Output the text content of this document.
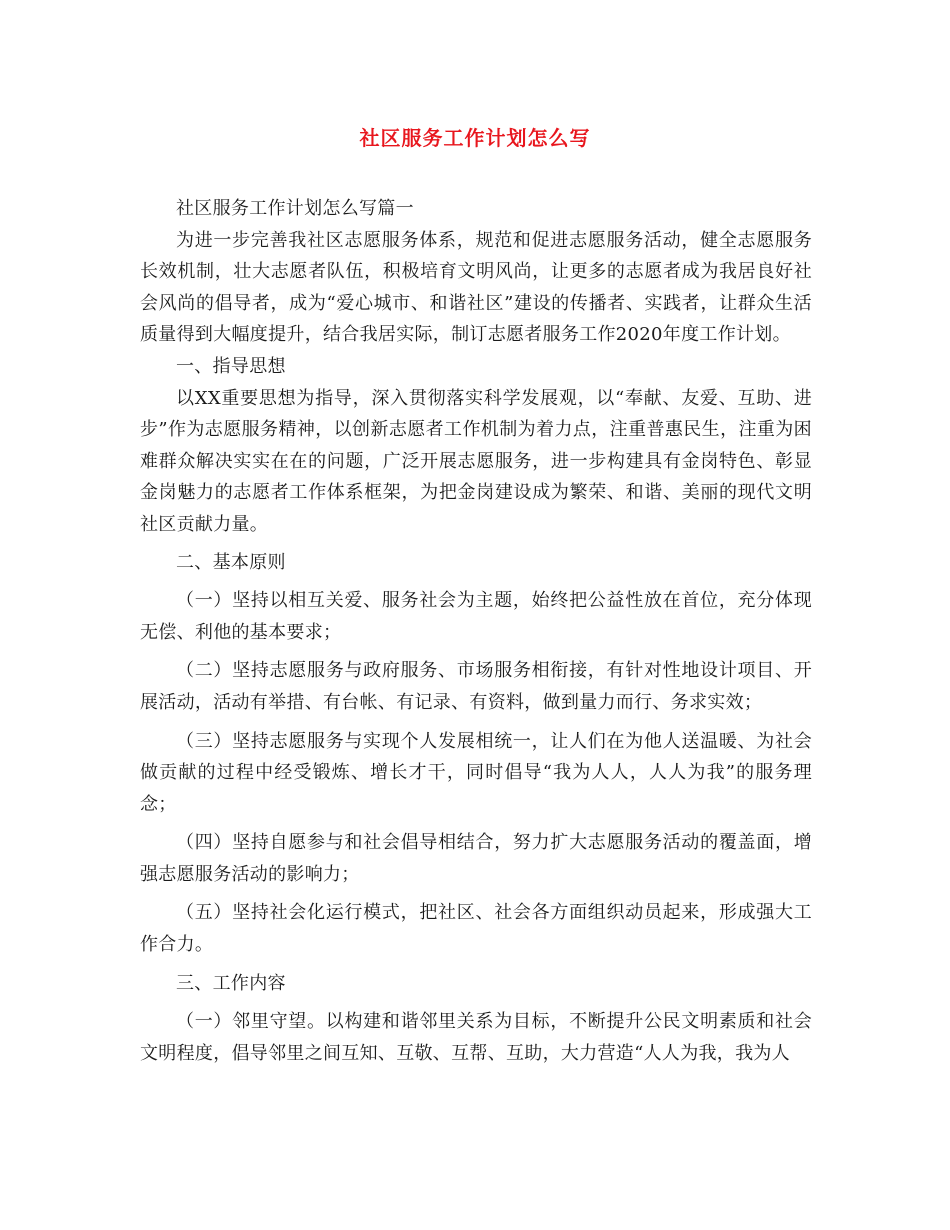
社区服务工作计划怎么写

社区服务工作计划怎么写篇一

为进一步完善我社区志愿服务体系，规范和促进志愿服务活动，健全志愿服务长效机制，壮大志愿者队伍，积极培育文明风尚，让更多的志愿者成为我居良好社会风尚的倡导者，成为“爱心城市、和谐社区”建设的传播者、实践者，让群众生活质量得到大幅度提升，结合我居实际，制订志愿者服务工作2020年度工作计划。

一、指导思想

以XX重要思想为指导，深入贯彻落实科学发展观，以“奉献、友爱、互助、进步”作为志愿服务精神，以创新志愿者工作机制为着力点，注重普惠民生，注重为困难群众解决实实在在的问题，广泛开展志愿服务，进一步构建具有金岗特色、彰显金岗魅力的志愿者工作体系框架，为把金岗建设成为繁荣、和谐、美丽的现代文明社区贡献力量。

二、基本原则

（一）坚持以相互关爱、服务社会为主题，始终把公益性放在首位，充分体现无偿、利他的基本要求；

（二）坚持志愿服务与政府服务、市场服务相衔接，有针对性地设计项目、开展活动，活动有举措、有台帐、有记录、有资料，做到量力而行、务求实效；

（三）坚持志愿服务与实现个人发展相统一，让人们在为他人送温暖、为社会做贡献的过程中经受锻炼、增长才干，同时倡导“我为人人，人人为我”的服务理念；

（四）坚持自愿参与和社会倡导相结合，努力扩大志愿服务活动的覆盖面，增强志愿服务活动的影响力；

（五）坚持社会化运行模式，把社区、社会各方面组织动员起来，形成强大工作合力。

三、工作内容

（一）邻里守望。以构建和谐邻里关系为目标，不断提升公民文明素质和社会文明程度，倡导邻里之间互知、互敬、互帮、互助，大力营造“人人为我，我为人
